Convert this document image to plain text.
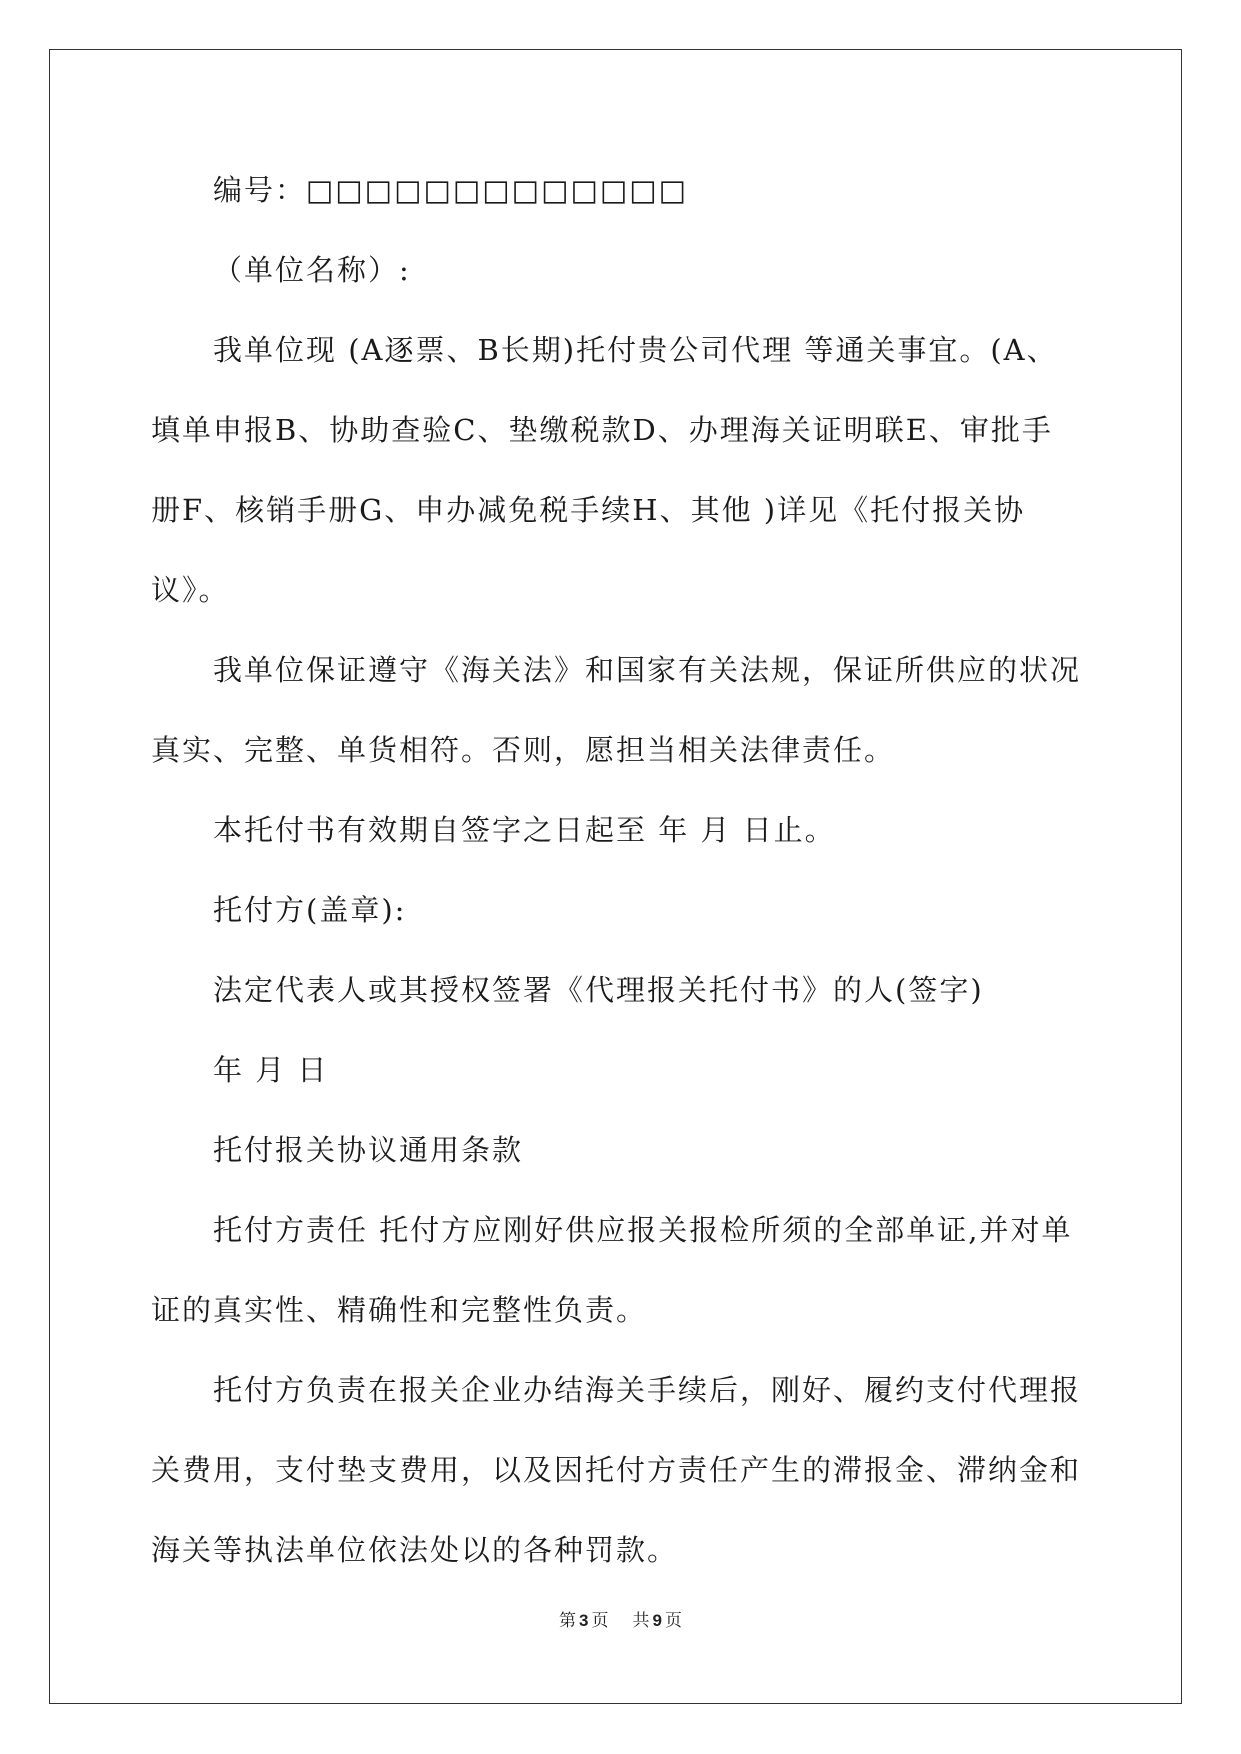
编号：□□□□□□□□□□□□□

（单位名称）:

我单位现 (A逐票、B长期)托付贵公司代理 等通关事宜。(A、填单申报B、协助查验C、垫缴税款D、办理海关证明联E、审批手册F、核销手册G、申办减免税手续H、其他 )详见《托付报关协议》。

我单位保证遵守《海关法》和国家有关法规，保证所供应的状况真实、完整、单货相符。否则，愿担当相关法律责任。

本托付书有效期自签字之日起至 年 月 日止。

托付方(盖章):

法定代表人或其授权签署《代理报关托付书》的人(签字)

年 月 日

托付报关协议通用条款

托付方责任 托付方应刚好供应报关报检所须的全部单证,并对单证的真实性、精确性和完整性负责。

托付方负责在报关企业办结海关手续后，刚好、履约支付代理报关费用，支付垫支费用，以及因托付方责任产生的滞报金、滞纳金和海关等执法单位依法处以的各种罚款。

第 3 页 共 9 页
